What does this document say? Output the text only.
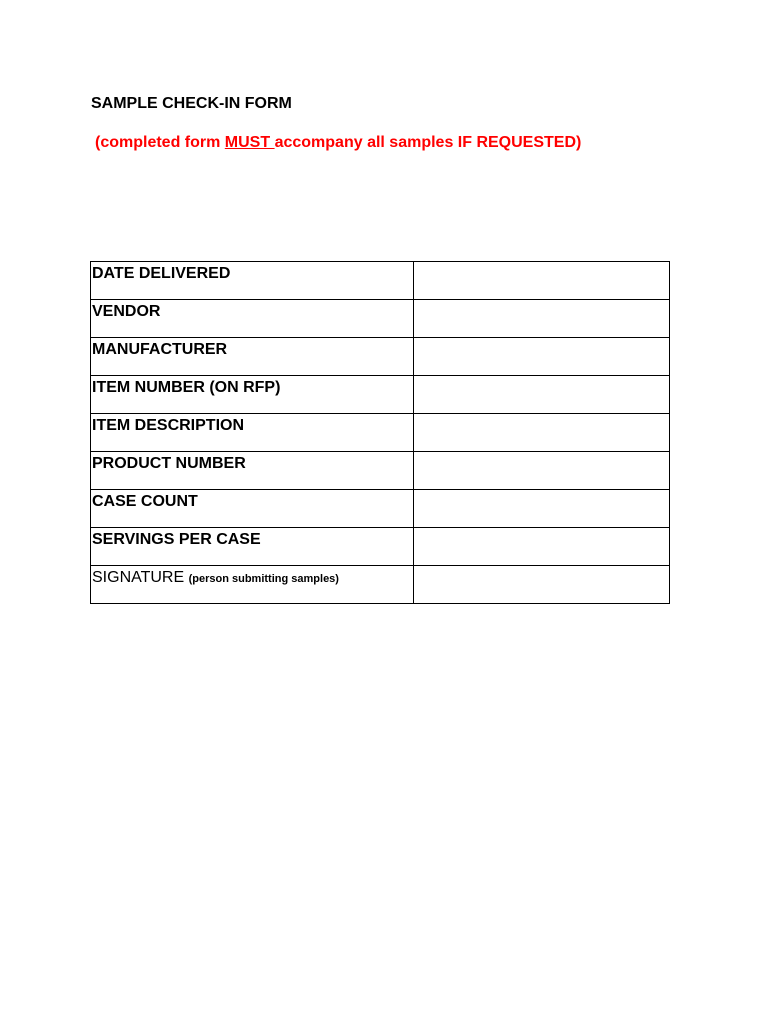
SAMPLE CHECK-IN FORM
(completed form MUST accompany all samples IF REQUESTED)
DATE DELIVERED	

VENDOR	

MANUFACTURER	

ITEM NUMBER (ON RFP)	

ITEM DESCRIPTION	

PRODUCT NUMBER	

CASE COUNT	

SERVINGS PER CASE	

SIGNATURE (person submitting samples)	
